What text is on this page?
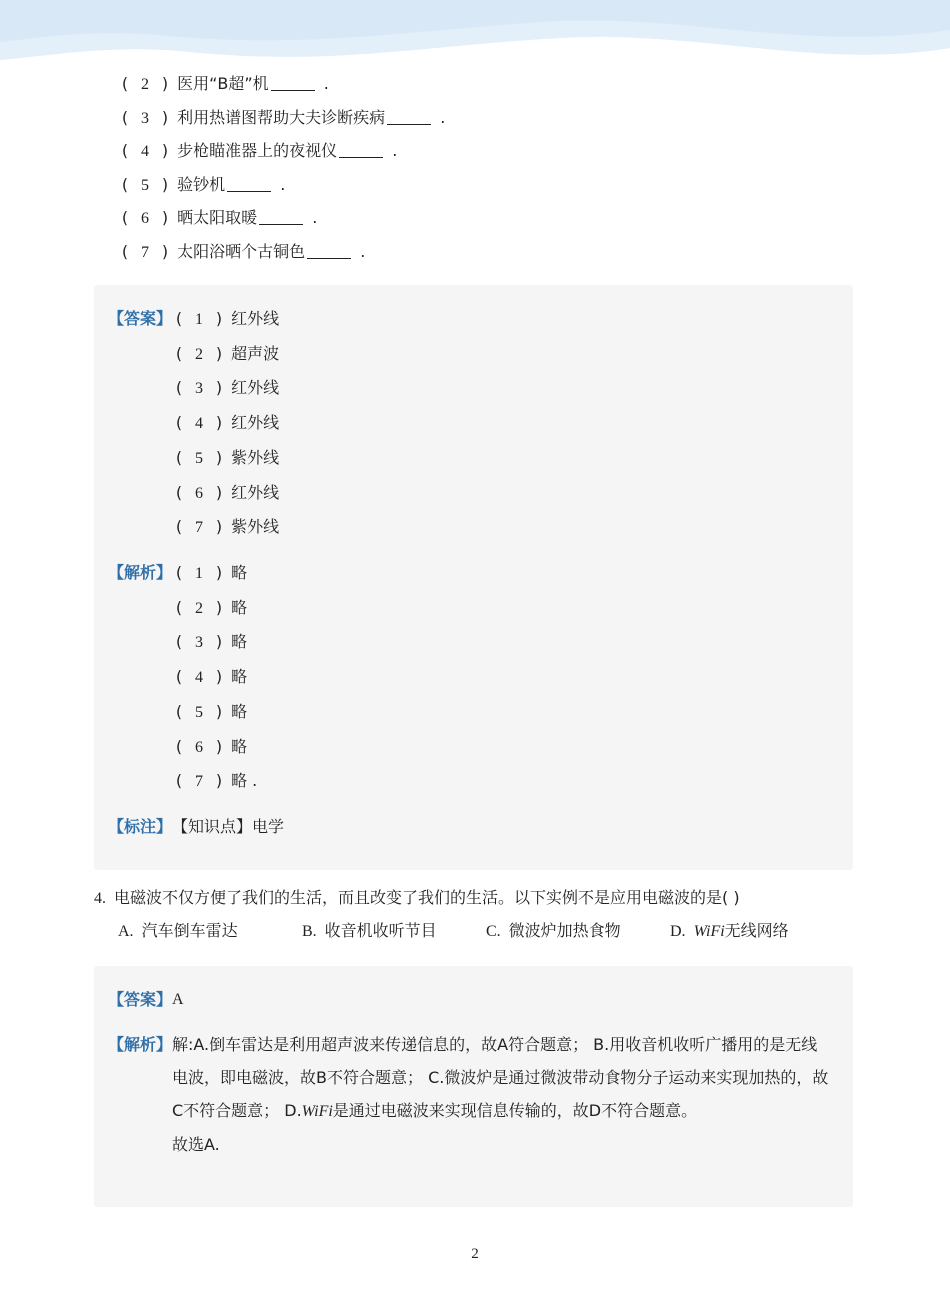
( 2 ) 医用“B超”机	.
( 3 ) 利用热谱图帮助大夫诊断疾病	.
( 4 ) 步枪瞄准器上的夜视仪	.
( 5 ) 验钞机	.
( 6 ) 晒太阳取暖	.
( 7 ) 太阳浴晒个古铜色	.
【答案】 ( 1 ) 红外线
( 2 ) 超声波
( 3 ) 红外线
( 4 ) 红外线
( 5 ) 紫外线
( 6 ) 红外线
( 7 ) 紫外线
【解析】 ( 1 ) 略
( 2 ) 略
( 3 ) 略
( 4 ) 略
( 5 ) 略
( 6 ) 略
( 7 ) 略 .
【标注】 【知识点】电学
4. 电磁波不仅方便了我们的生活，而且改变了我们的生活。以下实例不是应用电磁波的是( )
A. 汽车倒车雷达	B. 收音机收听节目	C. 微波炉加热食物	D. WiFi无线网络
【答案】 A
【解析】 解:A.倒车雷达是利用超声波来传递信息的，故A符合题意； B.用收音机收听广播用的是无线电波，即电磁波，故B不符合题意； C.微波炉是通过微波带动食物分子运动来实现加热的，故C不符合题意； D.WiFi是通过电磁波来实现信息传输的，故D不符合题意。
故选A.
2
